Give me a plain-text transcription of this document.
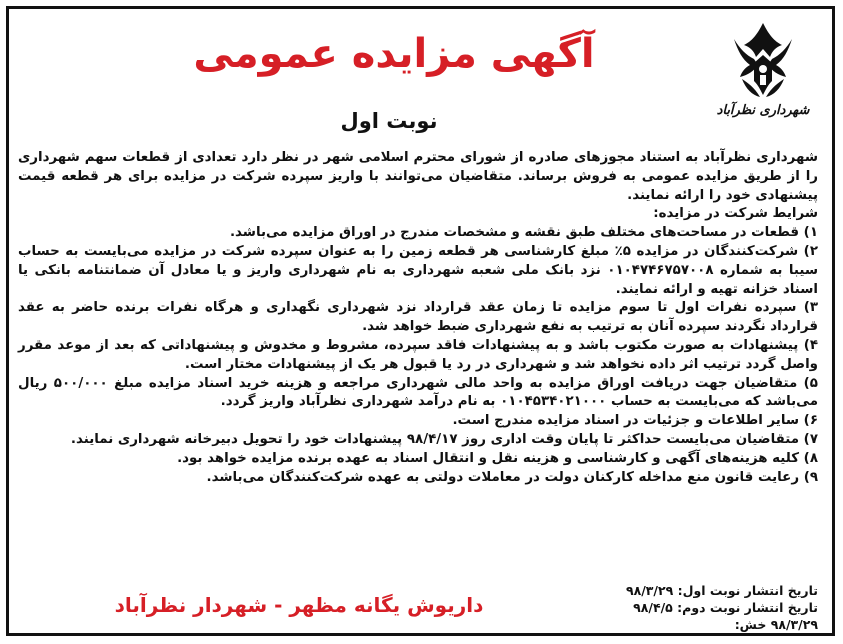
شهرداری نظرآباد
آگهی مزایده عمومی
نوبت اول

شهرداری نظرآباد به استناد مجوزهای صادره از شورای محترم اسلامی شهر در نظر دارد تعدادی از قطعات سهم شهرداری را از طریق مزایده عمومی به فروش برساند. متقاضیان می‌توانند با واریز سپرده شرکت در مزایده برای هر قطعه قیمت پیشنهادی خود را ارائه نمایند.

شرایط شرکت در مزایده:

۱) قطعات در مساحت‌های مختلف طبق نقشه و مشخصات مندرج در اوراق مزایده می‌باشد.

۲) شرکت‌کنندگان در مزایده ۵٪ مبلغ کارشناسی هر قطعه زمین را به عنوان سپرده شرکت در مزایده می‌بایست به حساب سیبا به شماره ۰۱۰۴۷۴۶۷۵۷۰۰۸ نزد بانک ملی شعبه شهرداری به نام شهرداری واریز و یا معادل آن ضمانتنامه بانکی یا اسناد خزانه تهیه و ارائه نمایند.

۳) سپرده نفرات اول تا سوم مزایده تا زمان عقد قرارداد نزد شهرداری نگهداری و هرگاه نفرات برنده حاضر به عقد قرارداد نگردند سپرده آنان به ترتیب به نفع شهرداری ضبط خواهد شد.

۴) پیشنهادات به صورت مکتوب باشد و به پیشنهادات فاقد سپرده، مشروط و مخدوش و پیشنهاداتی که بعد از موعد مقرر واصل گردد ترتیب اثر داده نخواهد شد و شهرداری در رد یا قبول هر یک از پیشنهادات مختار است.

۵) متقاضیان جهت دریافت اوراق مزایده به واحد مالی شهرداری مراجعه و هزینه خرید اسناد مزایده مبلغ ۵۰۰/۰۰۰ ریال می‌باشد که می‌بایست به حساب ۰۱۰۴۵۳۴۰۲۱۰۰۰ به نام درآمد شهرداری نظرآباد واریز گردد.

۶) سایر اطلاعات و جزئیات در اسناد مزایده مندرج است.

۷) متقاضیان می‌بایست حداکثر تا پایان وقت اداری روز ۹۸/۴/۱۷ پیشنهادات خود را تحویل دبیرخانه شهرداری نمایند.

۸) کلیه هزینه‌های آگهی و کارشناسی و هزینه نقل و انتقال اسناد به عهده برنده مزایده خواهد بود.

۹) رعایت قانون منع مداخله کارکنان دولت در معاملات دولتی به عهده شرکت‌کنندگان می‌باشد.

تاریخ انتشار نوبت اول: ۹۸/۳/۲۹
تاریخ انتشار نوبت دوم: ۹۸/۴/۵
۹۸/۳/۲۹ خش:
داریوش یگانه مظهر - شهردار نظرآباد
